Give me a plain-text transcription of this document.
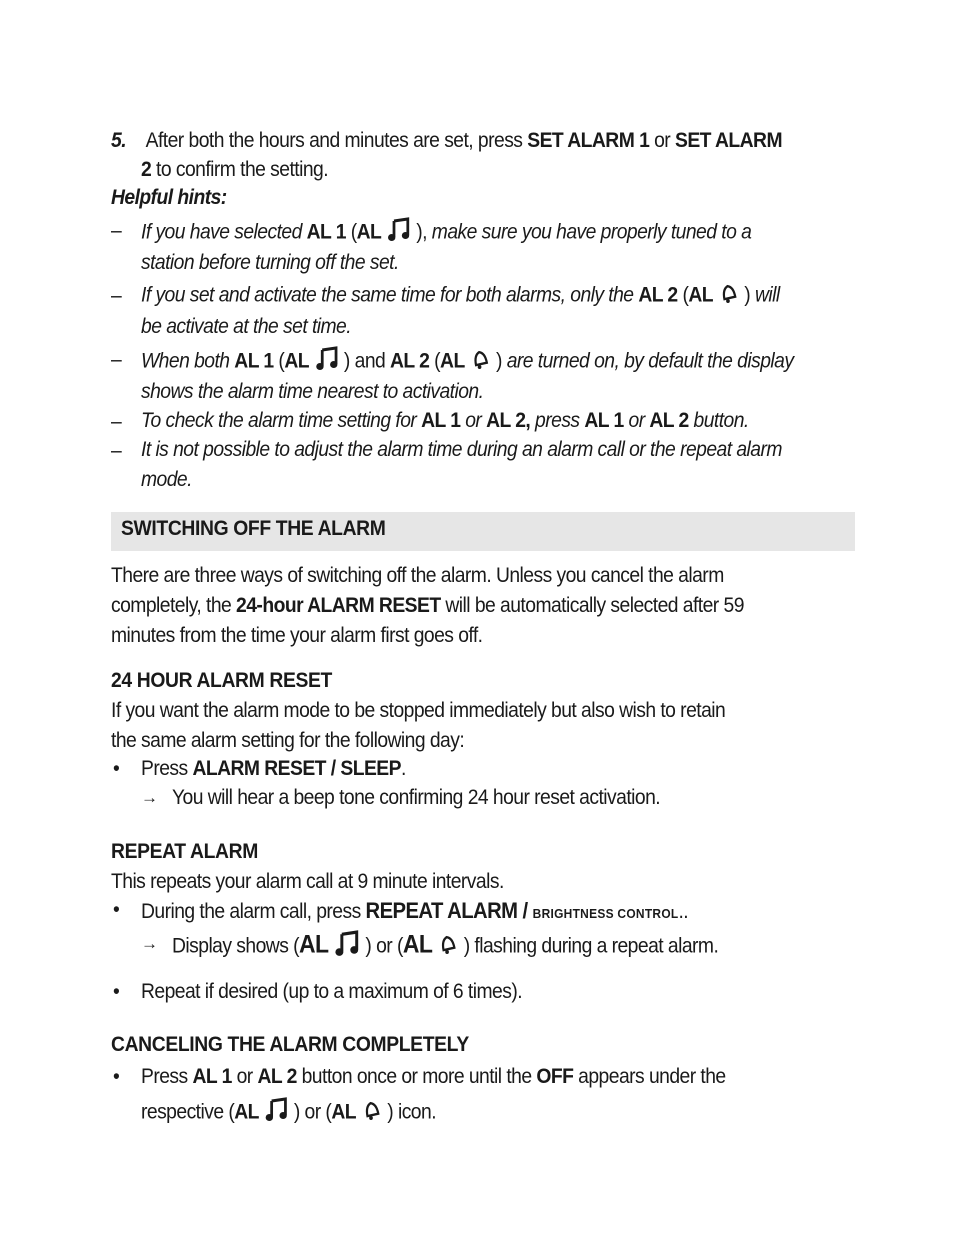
5. After both the hours and minutes are set, press SET ALARM 1 or SET ALARM
2 to confirm the setting.
Helpful hints:
– If you have selected AL 1 (AL ), make sure you have properly tuned to a
station before turning off the set.
– If you set and activate the same time for both alarms, only the AL 2 (AL ) will
be activate at the set time.
– When both AL 1 (AL ) and AL 2 (AL ) are turned on, by default the display
shows the alarm time nearest to activation.
– To check the alarm time setting for AL 1 or AL 2, press AL 1 or AL 2 button.
– It is not possible to adjust the alarm time during an alarm call or the repeat alarm
mode.
SWITCHING OFF THE ALARM
There are three ways of switching off the alarm. Unless you cancel the alarm
completely, the 24-hour ALARM RESET will be automatically selected after 59
minutes from the time your alarm first goes off.
24 HOUR ALARM RESET
If you want the alarm mode to be stopped immediately but also wish to retain
the same alarm setting for the following day:
• Press ALARM RESET / SLEEP.
→ You will hear a beep tone confirming 24 hour reset activation.
REPEAT ALARM
This repeats your alarm call at 9 minute intervals.
• During the alarm call, press REPEAT ALARM / BRIGHTNESS CONTROL..
→ Display shows (AL ) or (AL ) flashing during a repeat alarm.
• Repeat if desired (up to a maximum of 6 times).
CANCELING THE ALARM COMPLETELY
• Press AL 1 or AL 2 button once or more until the OFF appears under the
respective (AL ) or (AL ) icon.
